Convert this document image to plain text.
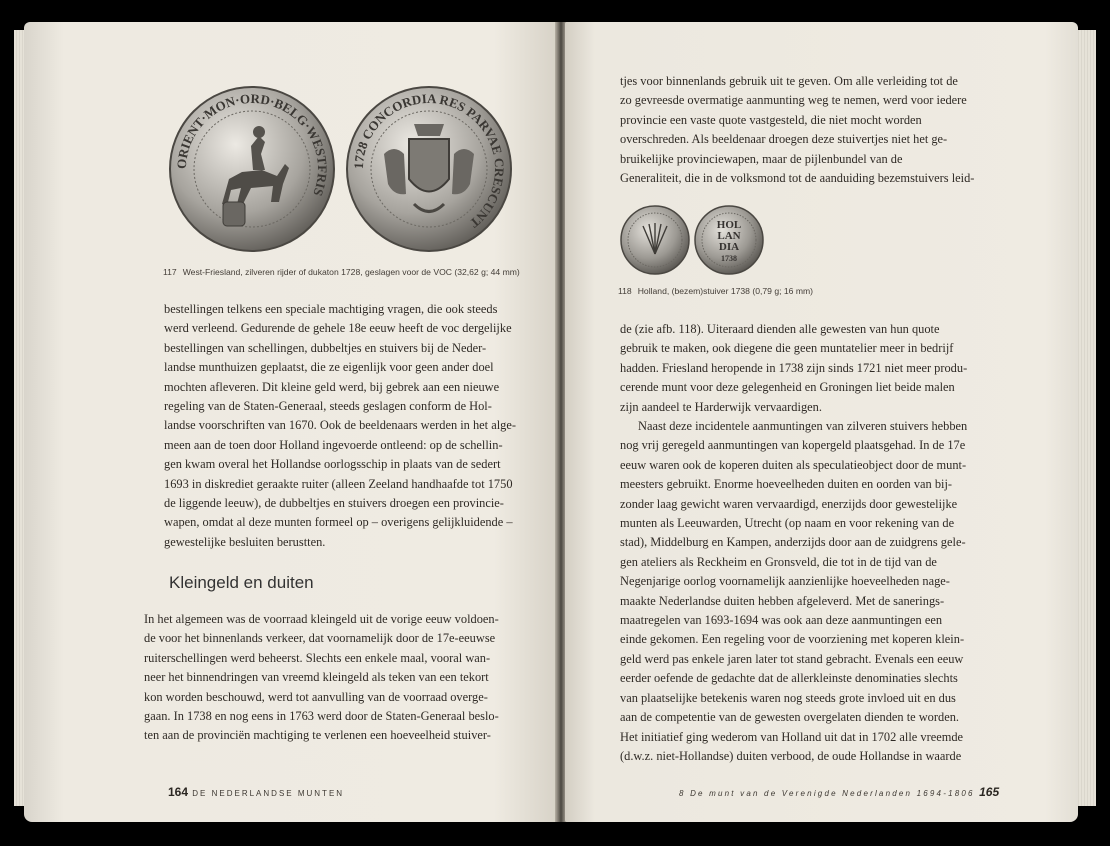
ORIENT·MON·ORD·BELG·WESTFRIS
1728 CONCORDIA RES PARVAE CRESCUNT
117 West-Friesland, zilveren rijder of dukaton 1728, geslagen voor de VOC (32,62 g; 44 mm)
bestellingen telkens een speciale machtiging vragen, die ook steeds
werd verleend. Gedurende de gehele 18e eeuw heeft de voc dergelijke
bestellingen van schellingen, dubbeltjes en stuivers bij de Neder-
landse munthuizen geplaatst, die ze eigenlijk voor geen ander doel
mochten afleveren. Dit kleine geld werd, bij gebrek aan een nieuwe
regeling van de Staten-Generaal, steeds geslagen conform de Hol-
landse voorschriften van 1670. Ook de beeldenaars werden in het alge-
meen aan de toen door Holland ingevoerde ontleend: op de schellin-
gen kwam overal het Hollandse oorlogsschip in plaats van de sedert
1693 in diskrediet geraakte ruiter (alleen Zeeland handhaafde tot 1750
de liggende leeuw), de dubbeltjes en stuivers droegen een provincie-
wapen, omdat al deze munten formeel op – overigens gelijkluidende –
gewestelijke besluiten berustten.
Kleingeld en duiten
In het algemeen was de voorraad kleingeld uit de vorige eeuw voldoen-
de voor het binnenlands verkeer, dat voornamelijk door de 17e-eeuwse
ruiterschellingen werd beheerst. Slechts een enkele maal, vooral wan-
neer het binnendringen van vreemd kleingeld als teken van een tekort
kon worden beschouwd, werd tot aanvulling van de voorraad overge-
gaan. In 1738 en nog eens in 1763 werd door de Staten-Generaal beslo-
ten aan de provinciën machtiging te verlenen een hoeveelheid stuiver-
164 DE NEDERLANDSE MUNTEN
tjes voor binnenlands gebruik uit te geven. Om alle verleiding tot de
zo gevreesde overmatige aanmunting weg te nemen, werd voor iedere
provincie een vaste quote vastgesteld, die niet mocht worden
overschreden. Als beeldenaar droegen deze stuivertjes niet het ge-
bruikelijke provinciewapen, maar de pijlenbundel van de
Generaliteit, die in de volksmond tot de aanduiding bezemstuivers leid-
HOL
LAN
DIA
1738
118 Holland, (bezem)stuiver 1738 (0,79 g; 16 mm)
de (zie afb. 118). Uiteraard dienden alle gewesten van hun quote
gebruik te maken, ook diegene die geen muntatelier meer in bedrijf
hadden. Friesland heropende in 1738 zijn sinds 1721 niet meer produ-
cerende munt voor deze gelegenheid en Groningen liet beide malen
zijn aandeel te Harderwijk vervaardigen.
Naast deze incidentele aanmuntingen van zilveren stuivers hebben
nog vrij geregeld aanmuntingen van kopergeld plaatsgehad. In de 17e
eeuw waren ook de koperen duiten als speculatieobject door de munt-
meesters gebruikt. Enorme hoeveelheden duiten en oorden van bij-
zonder laag gewicht waren vervaardigd, enerzijds door gewestelijke
munten als Leeuwarden, Utrecht (op naam en voor rekening van de
stad), Middelburg en Kampen, anderzijds door aan de zuidgrens gele-
gen ateliers als Reckheim en Gronsveld, die tot in de tijd van de
Negenjarige oorlog voornamelijk aanzienlijke hoeveelheden nage-
maakte Nederlandse duiten hebben afgeleverd. Met de sanerings-
maatregelen van 1693-1694 was ook aan deze aanmuntingen een
einde gekomen. Een regeling voor de voorziening met koperen klein-
geld werd pas enkele jaren later tot stand gebracht. Evenals een eeuw
eerder oefende de gedachte dat de allerkleinste denominaties slechts
van plaatselijke betekenis waren nog steeds grote invloed uit en dus
aan de competentie van de gewesten overgelaten dienden te worden.
Het initiatief ging wederom van Holland uit dat in 1702 alle vreemde
(d.w.z. niet-Hollandse) duiten verbood, de oude Hollandse in waarde
8 De munt van de Verenigde Nederlanden 1694-1806 165
